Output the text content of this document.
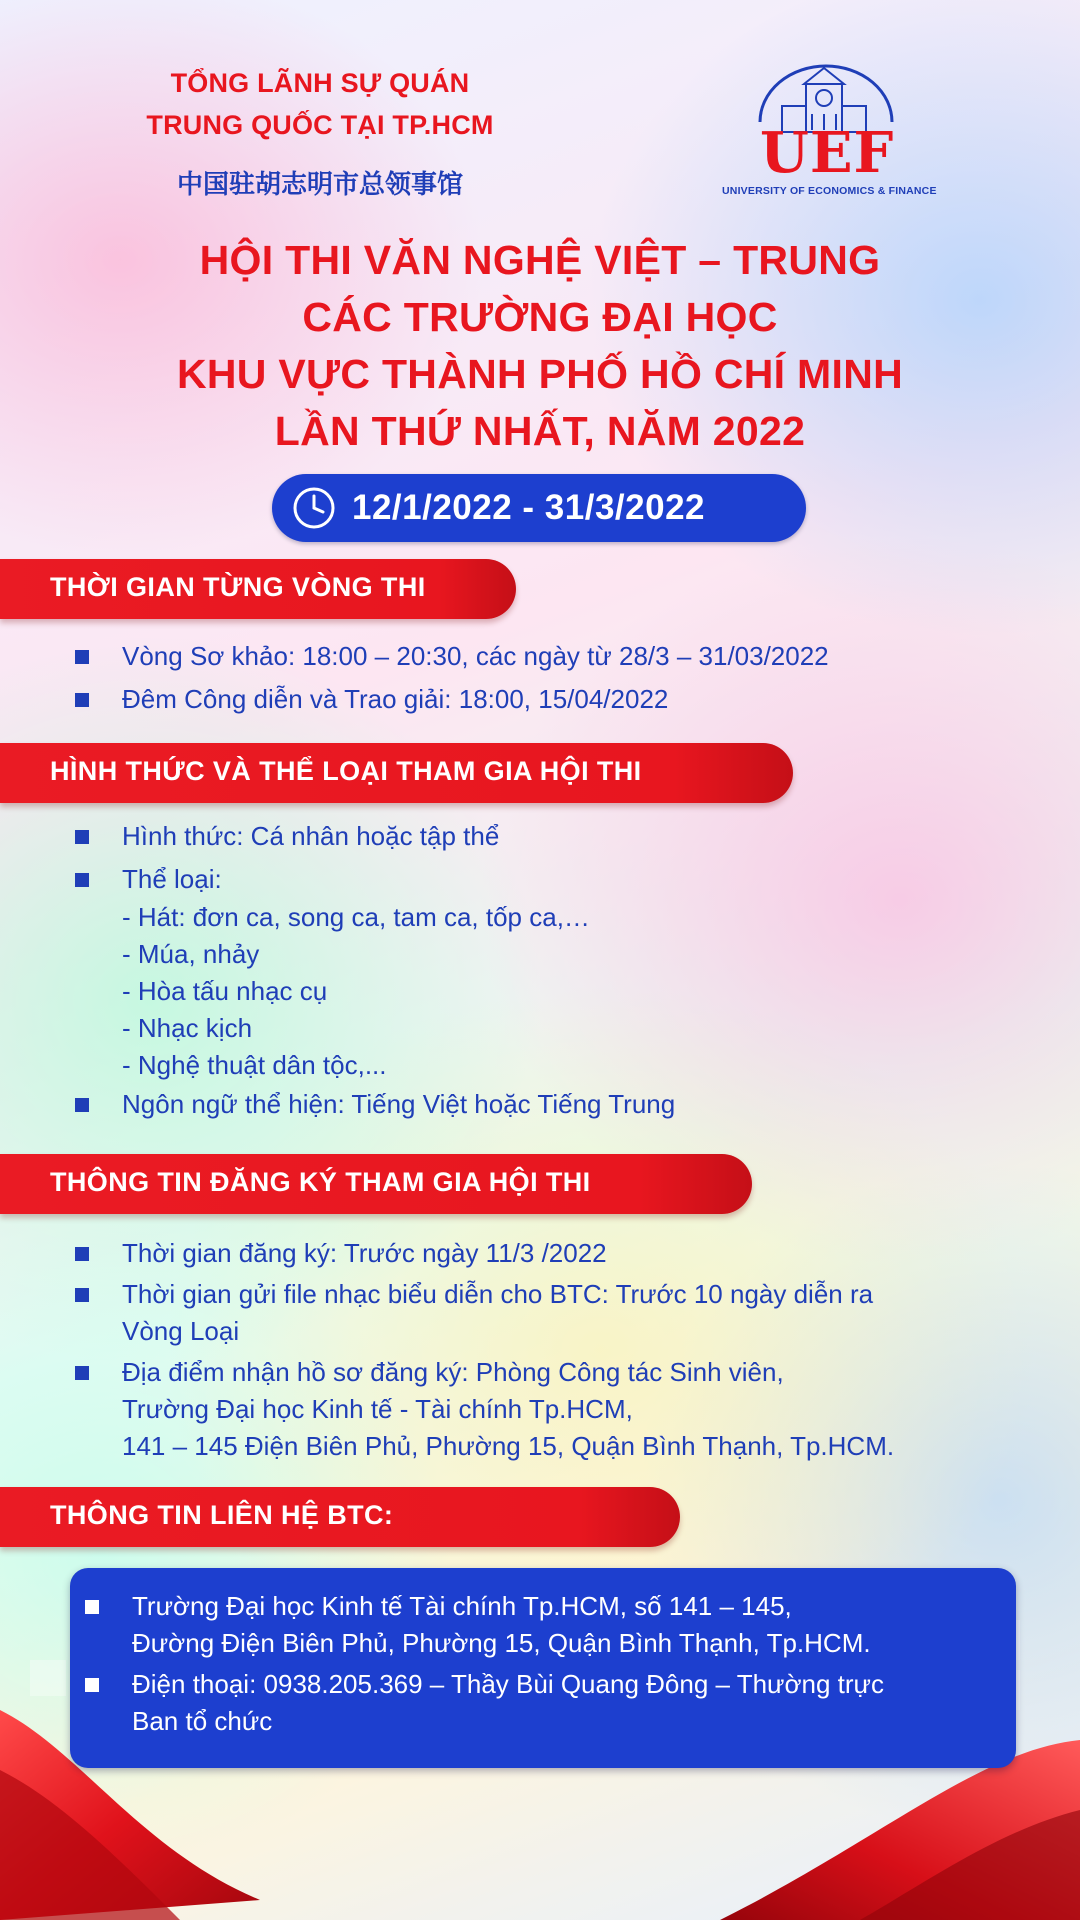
TỔNG LÃNH SỰ QUÁN
TRUNG QUỐC TẠI TP.HCM
中国驻胡志明市总领事馆	UEF
UNIVERSITY OF ECONOMICS & FINANCE
HỘI THI VĂN NGHỆ VIỆT – TRUNG
CÁC TRƯỜNG ĐẠI HỌC
KHU VỰC THÀNH PHỐ HỒ CHÍ MINH
LẦN THỨ NHẤT, NĂM 2022
12/1/2022 - 31/3/2022
THỜI GIAN TỪNG VÒNG THI
Vòng Sơ khảo: 18:00 – 20:30, các ngày từ 28/3 – 31/03/2022
Đêm Công diễn và Trao giải: 18:00, 15/04/2022
HÌNH THỨC VÀ THỂ LOẠI THAM GIA HỘI THI
Hình thức: Cá nhân hoặc tập thể
Thể loại:
- Hát: đơn ca, song ca, tam ca, tốp ca,…
- Múa, nhảy
- Hòa tấu nhạc cụ
- Nhạc kịch
- Nghệ thuật dân tộc,...
Ngôn ngữ thể hiện: Tiếng Việt hoặc Tiếng Trung
THÔNG TIN ĐĂNG KÝ THAM GIA HỘI THI
Thời gian đăng ký: Trước ngày 11/3 /2022
Thời gian gửi file nhạc biểu diễn cho BTC: Trước 10 ngày diễn ra
Vòng Loại
Địa điểm nhận hồ sơ đăng ký: Phòng Công tác Sinh viên,
Trường Đại học Kinh tế - Tài chính Tp.HCM,
141 – 145 Điện Biên Phủ, Phường 15, Quận Bình Thạnh, Tp.HCM.
THÔNG TIN LIÊN HỆ BTC:
Trường Đại học Kinh tế Tài chính Tp.HCM, số 141 – 145,
Đường Điện Biên Phủ, Phường 15, Quận Bình Thạnh, Tp.HCM.
Điện thoại: 0938.205.369 – Thầy Bùi Quang Đông – Thường trực
Ban tổ chức
